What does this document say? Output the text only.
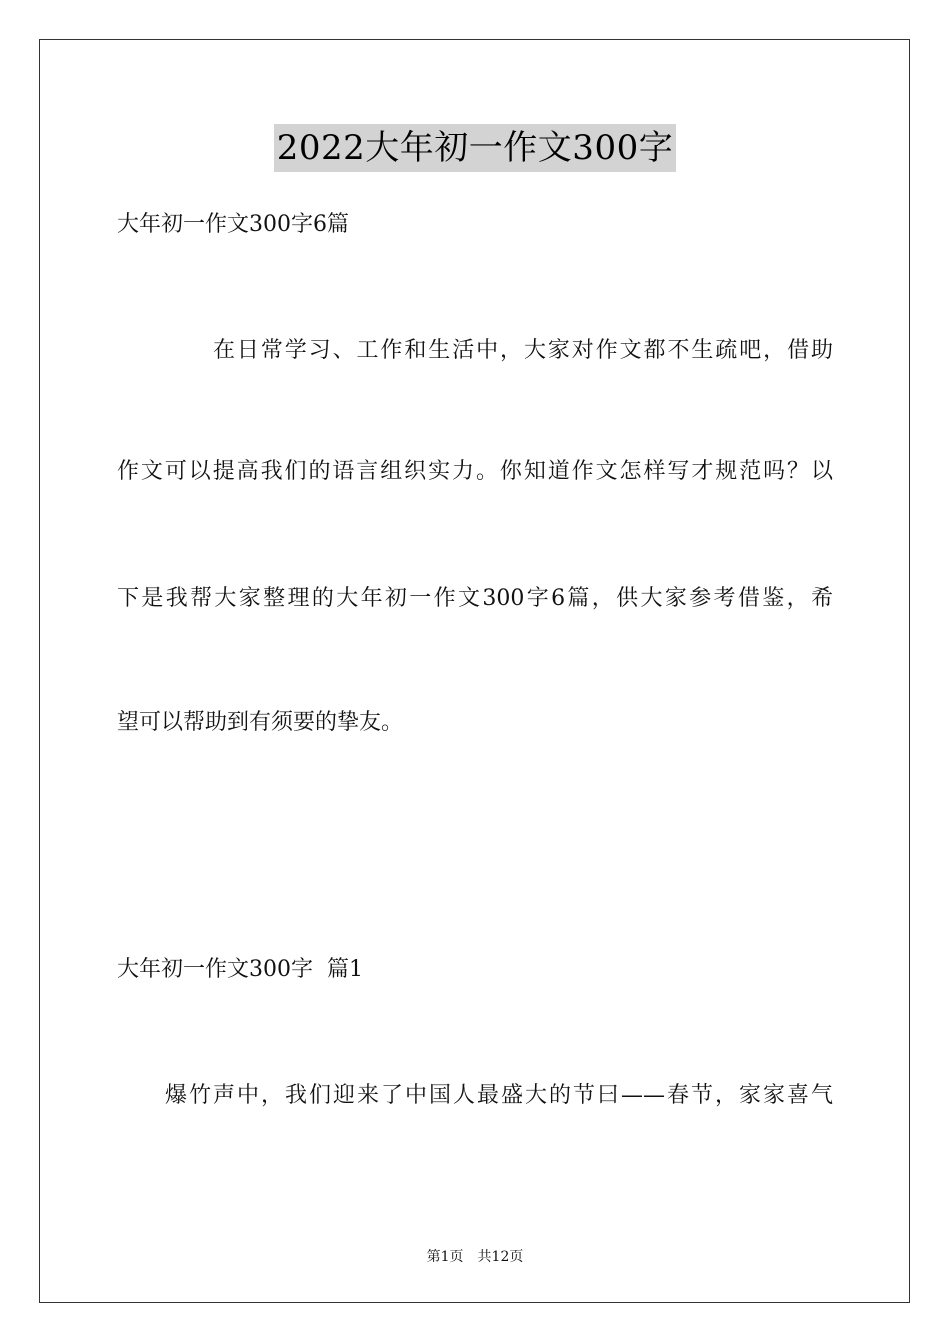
2022大年初一作文300字
大年初一作文300字6篇
在日常学习、工作和生活中，大家对作文都不生疏吧，借助
作文可以提高我们的语言组织实力。你知道作文怎样写才规范吗？以
下是我帮大家整理的大年初一作文300字6篇，供大家参考借鉴，希
望可以帮助到有须要的挚友。
大年初一作文300字  篇1
爆竹声中，我们迎来了中国人最盛大的节曰——春节，家家喜气
第1页 共12页
